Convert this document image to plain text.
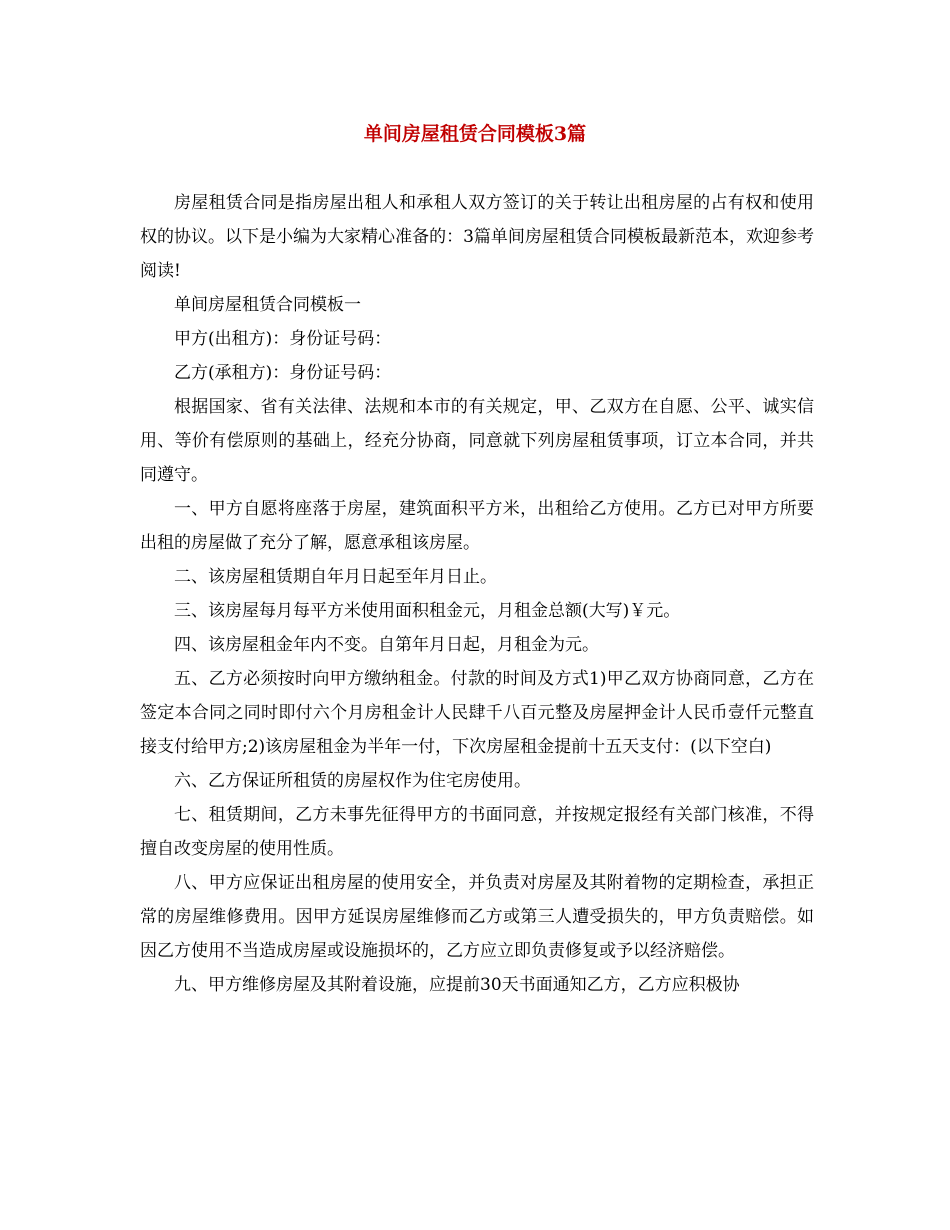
单间房屋租赁合同模板3篇

房屋租赁合同是指房屋出租人和承租人双方签订的关于转让出租房屋的占有权和使用权的协议。以下是小编为大家精心准备的：3篇单间房屋租赁合同模板最新范本，欢迎参考阅读!

单间房屋租赁合同模板一

甲方(出租方)：身份证号码：

乙方(承租方)：身份证号码：

根据国家、省有关法律、法规和本市的有关规定，甲、乙双方在自愿、公平、诚实信用、等价有偿原则的基础上，经充分协商，同意就下列房屋租赁事项，订立本合同，并共同遵守。

一、甲方自愿将座落于房屋，建筑面积平方米，出租给乙方使用。乙方已对甲方所要出租的房屋做了充分了解，愿意承租该房屋。

二、该房屋租赁期自年月日起至年月日止。

三、该房屋每月每平方米使用面积租金元，月租金总额(大写)￥元。

四、该房屋租金年内不变。自第年月日起，月租金为元。

五、乙方必须按时向甲方缴纳租金。付款的时间及方式1)甲乙双方协商同意，乙方在签定本合同之同时即付六个月房租金计人民肆千八百元整及房屋押金计人民币壹仟元整直接支付给甲方;2)该房屋租金为半年一付，下次房屋租金提前十五天支付：(以下空白)

六、乙方保证所租赁的房屋权作为住宅房使用。

七、租赁期间，乙方未事先征得甲方的书面同意，并按规定报经有关部门核准，不得擅自改变房屋的使用性质。

八、甲方应保证出租房屋的使用安全，并负责对房屋及其附着物的定期检查，承担正常的房屋维修费用。因甲方延误房屋维修而乙方或第三人遭受损失的，甲方负责赔偿。如因乙方使用不当造成房屋或设施损坏的，乙方应立即负责修复或予以经济赔偿。

九、甲方维修房屋及其附着设施，应提前30天书面通知乙方，乙方应积极协
